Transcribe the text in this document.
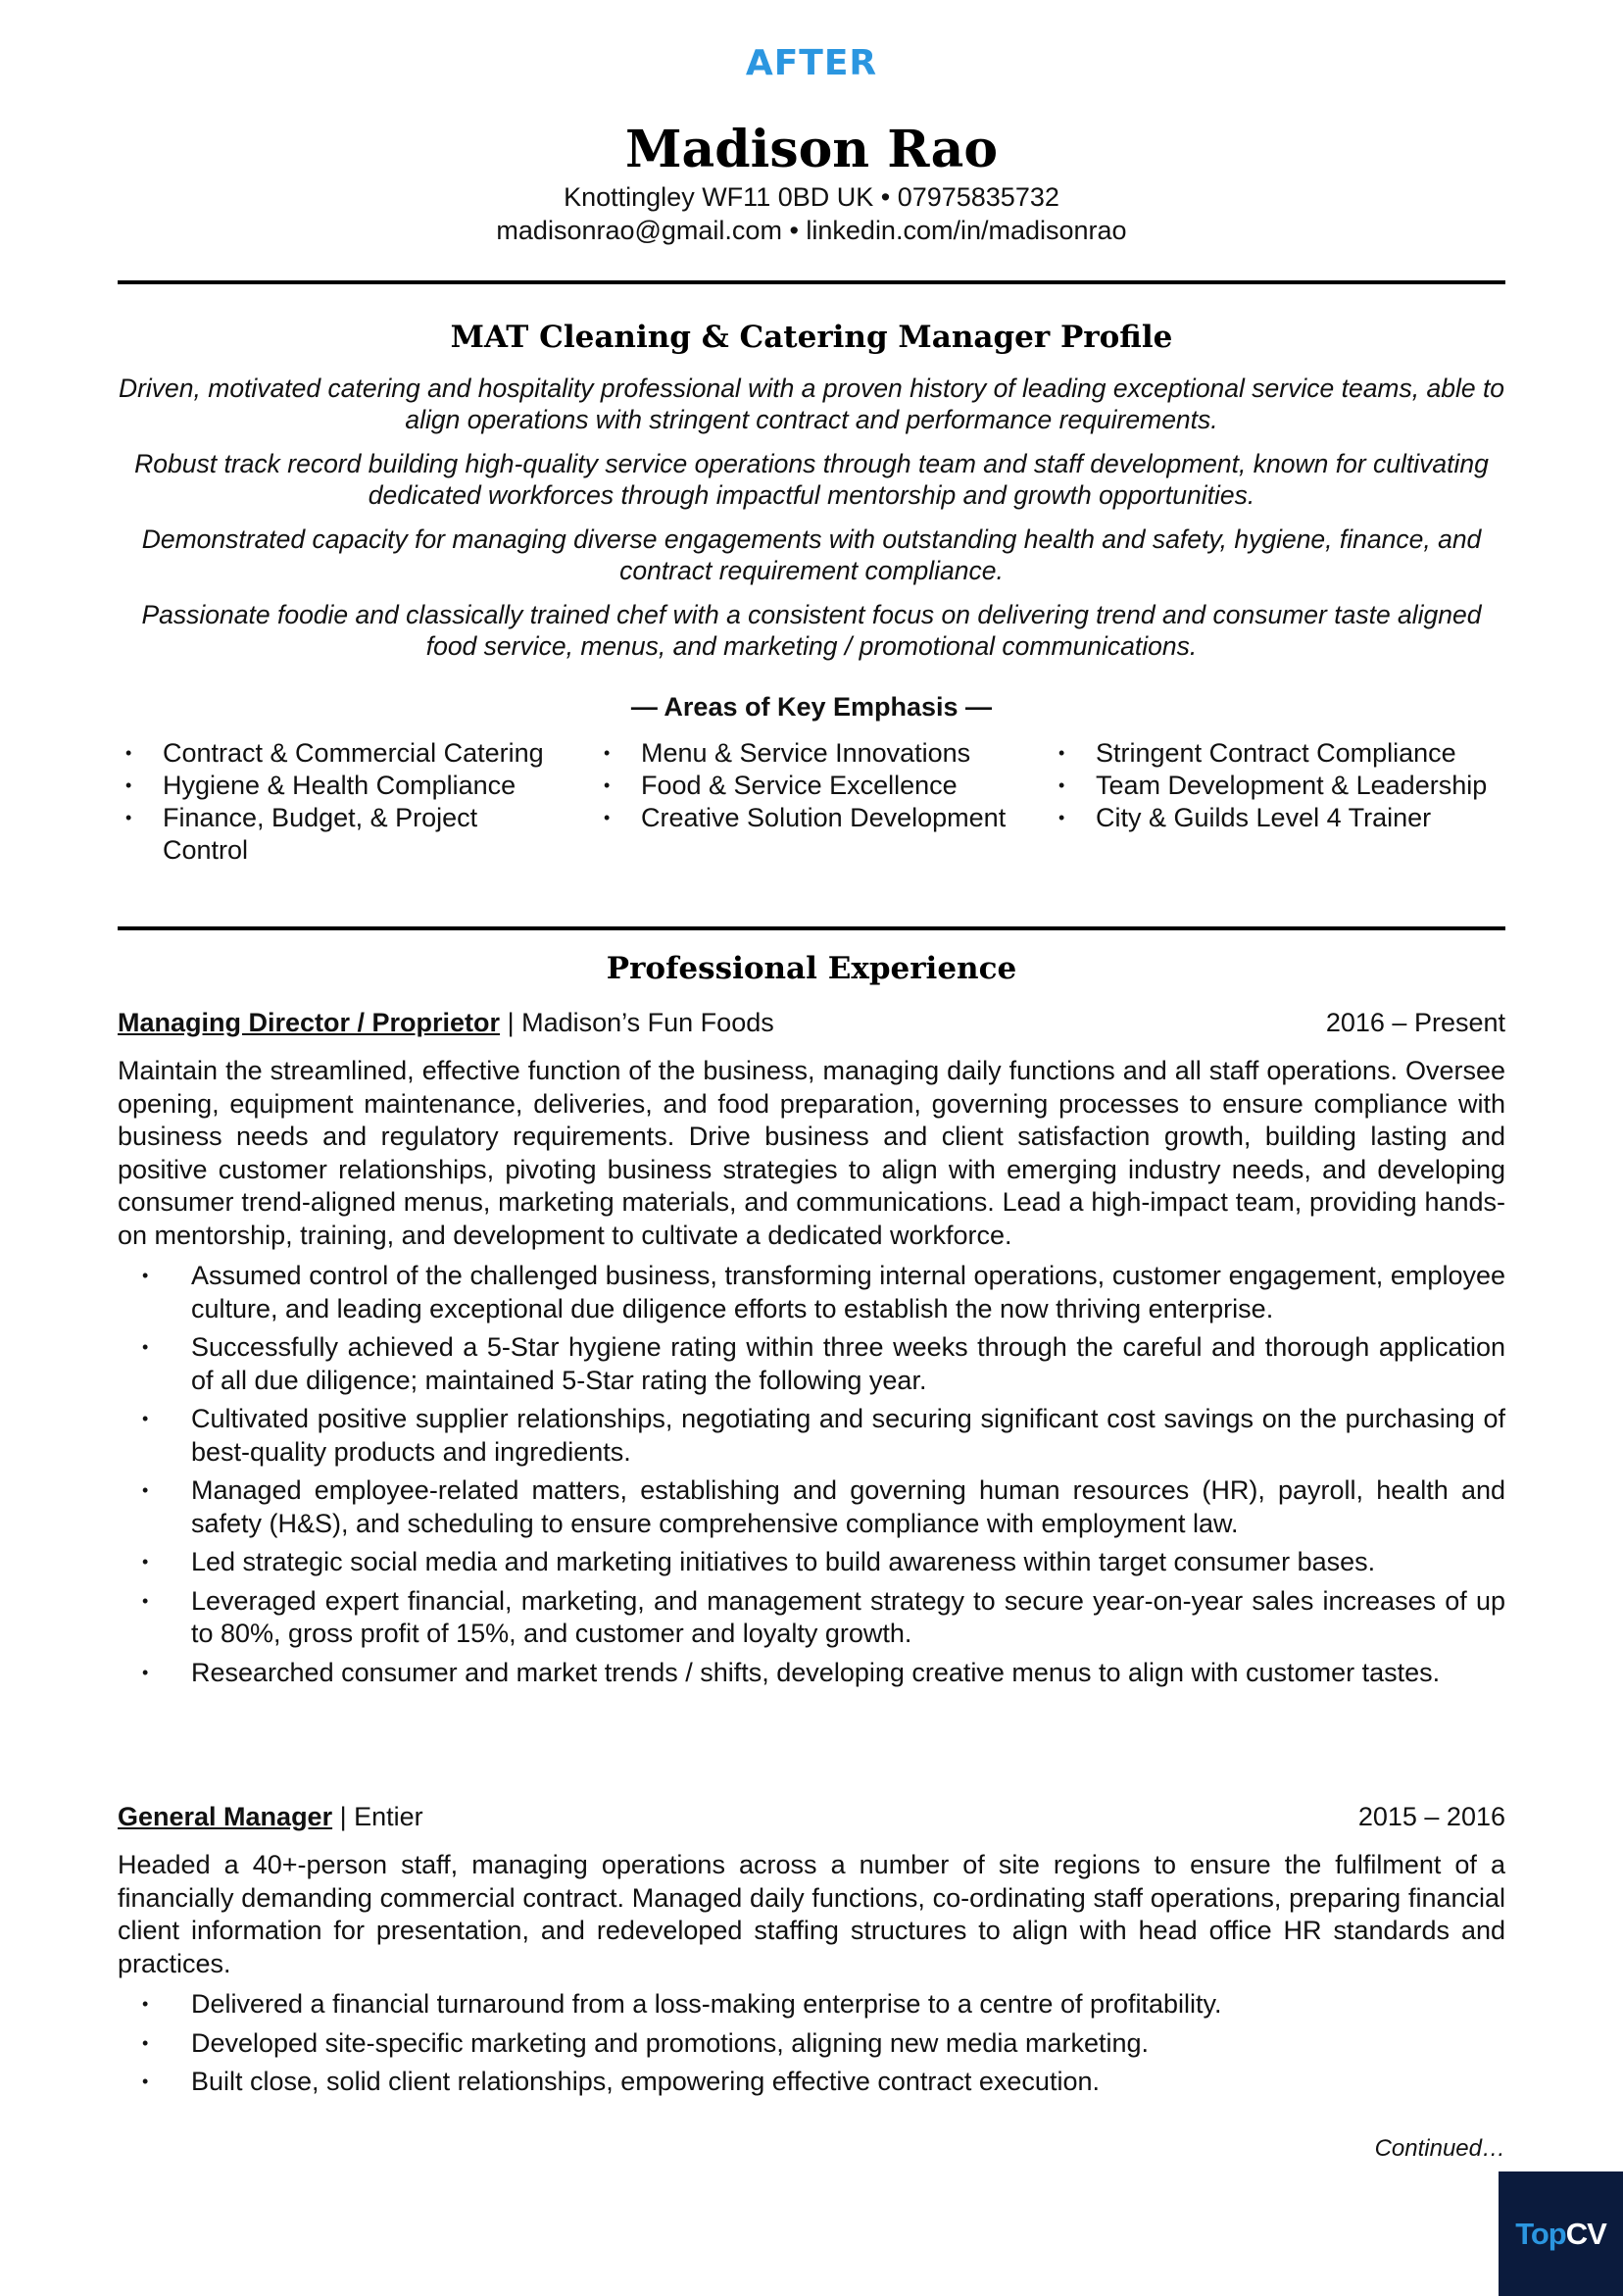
AFTER
Madison Rao
Knottingley WF11 0BD UK • 07975835732
madisonrao@gmail.com • linkedin.com/in/madisonrao
MAT Cleaning & Catering Manager Profile

Driven, motivated catering and hospitality professional with a proven history of leading exceptional service teams, able to align operations with stringent contract and performance requirements.

Robust track record building high-quality service operations through team and staff development, known for cultivating dedicated workforces through impactful mentorship and growth opportunities.

Demonstrated capacity for managing diverse engagements with outstanding health and safety, hygiene, finance, and contract requirement compliance.

Passionate foodie and classically trained chef with a consistent focus on delivering trend and consumer taste aligned food service, menus, and marketing / promotional communications.

— Areas of Key Emphasis —
• Contract & Commercial Catering
• Hygiene & Health Compliance
• Finance, Budget, & Project Control
• Menu & Service Innovations
• Food & Service Excellence
• Creative Solution Development
• Stringent Contract Compliance
• Team Development & Leadership
• City & Guilds Level 4 Trainer
Professional Experience
Managing Director / Proprietor | Madison’s Fun Foods	2016 – Present

Maintain the streamlined, effective function of the business, managing daily functions and all staff operations. Oversee opening, equipment maintenance, deliveries, and food preparation, governing processes to ensure compliance with business needs and regulatory requirements. Drive business and client satisfaction growth, building lasting and positive customer relationships, pivoting business strategies to align with emerging industry needs, and developing consumer trend-aligned menus, marketing materials, and communications. Lead a high-impact team, providing hands-on mentorship, training, and development to cultivate a dedicated workforce.

• Assumed control of the challenged business, transforming internal operations, customer engagement, employee culture, and leading exceptional due diligence efforts to establish the now thriving enterprise.
• Successfully achieved a 5-Star hygiene rating within three weeks through the careful and thorough application of all due diligence; maintained 5-Star rating the following year.
• Cultivated positive supplier relationships, negotiating and securing significant cost savings on the purchasing of best-quality products and ingredients.
• Managed employee-related matters, establishing and governing human resources (HR), payroll, health and safety (H&S), and scheduling to ensure comprehensive compliance with employment law.
• Led strategic social media and marketing initiatives to build awareness within target consumer bases.
• Leveraged expert financial, marketing, and management strategy to secure year-on-year sales increases of up to 80%, gross profit of 15%, and customer and loyalty growth.
• Researched consumer and market trends / shifts, developing creative menus to align with customer tastes.
General Manager | Entier	2015 – 2016

Headed a 40+-person staff, managing operations across a number of site regions to ensure the fulfilment of a financially demanding commercial contract. Managed daily functions, co-ordinating staff operations, preparing financial client information for presentation, and redeveloped staffing structures to align with head office HR standards and practices.

• Delivered a financial turnaround from a loss-making enterprise to a centre of profitability.
• Developed site-specific marketing and promotions, aligning new media marketing.
• Built close, solid client relationships, empowering effective contract execution.
Continued…
TopCV
